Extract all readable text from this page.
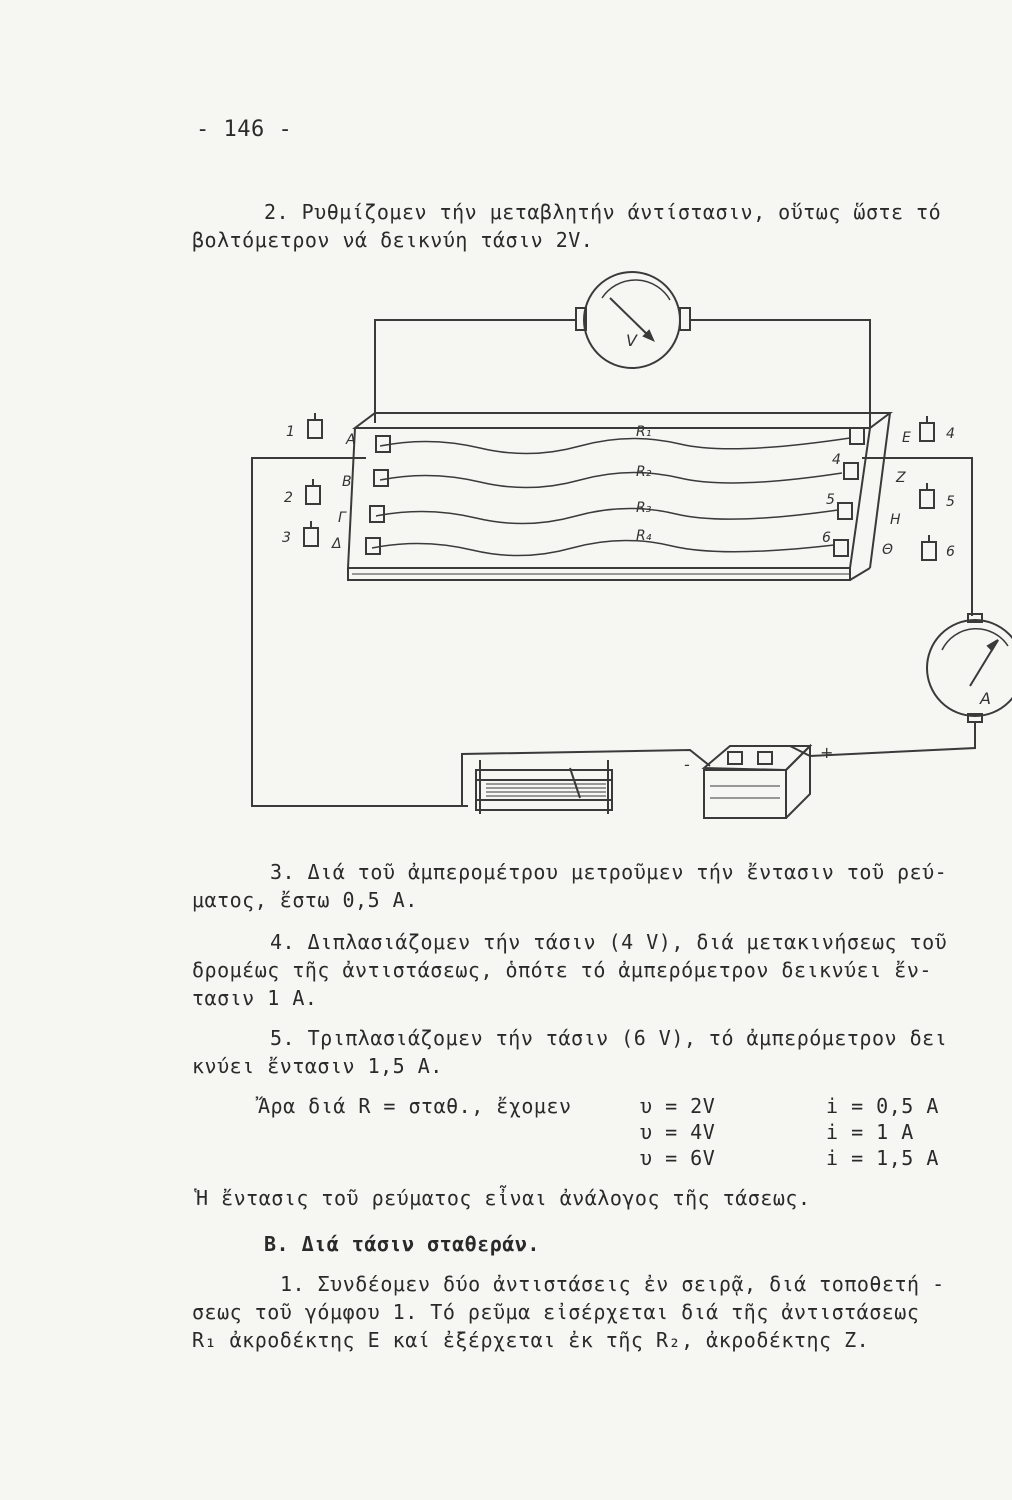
- 146 -
2. Ρυθμίζομεν τήν μεταβλητήν άντίστασιν, οὕτως ὥστε τό
βολτόμετρον νά δεικνύη τάσιν 2V.
V
A
+
-
R₁
R₂
R₃
R₄
1
2
3
A
B
Γ
Δ
4
5
6
E
Z
H
Θ
4
5
6
3. Διά τοῦ ἀμπερομέτρου μετροῦμεν τήν ἔντασιν τοῦ ρεύ-
ματος, ἔστω 0,5 A.
4. Διπλασιάζομεν τήν τάσιν (4 V), διά μετακινήσεως τοῦ
δρομέως τῆς ἀντιστάσεως, ὁπότε τό ἀμπερόμετρον δεικνύει ἔν-
τασιν 1 A.
5. Τριπλασιάζομεν τήν τάσιν (6 V), τό ἀμπερόμετρον δει
κνύει ἔντασιν 1,5 A.
Ἄρα διά R = σταθ., ἔχομεν	υ = 2V	i = 0,5 A
υ = 4V	i = 1 A
υ = 6V	i = 1,5 A
Ἡ ἔντασις τοῦ ρεύματος εἶναι ἀνάλογος τῆς τάσεως.
Β. Διά τάσιν σταθεράν.
1. Συνδέομεν δύο ἀντιστάσεις ἐν σειρᾷ, διά τοποθετή -
σεως τοῦ γόμφου 1. Τό ρεῦμα εἰσέρχεται διά τῆς ἀντιστάσεως
R₁ ἀκροδέκτης E καί ἐξέρχεται ἐκ τῆς R₂, ἀκροδέκτης Z.
